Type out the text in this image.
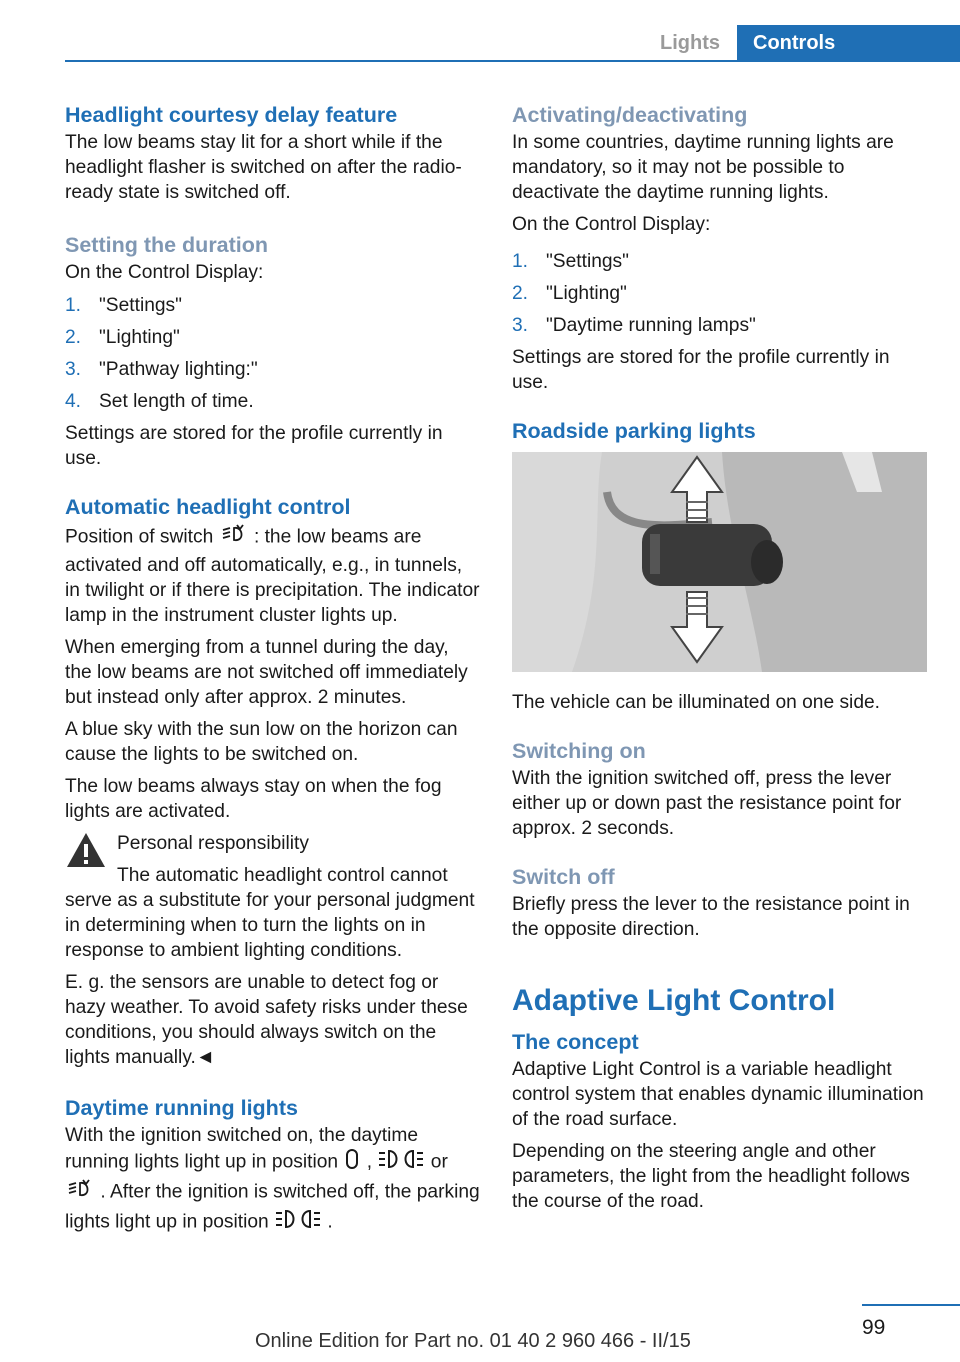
Lights	Controls
Headlight courtesy delay feature

The low beams stay lit for a short while if the headlight flasher is switched on after the radio-ready state is switched off.

Setting the duration

On the Control Display:

1. "Settings"
2. "Lighting"
3. "Pathway lighting:"
4. Set length of time.

Settings are stored for the profile currently in use.

Automatic headlight control

Position of switch : the low beams are activated and off automatically, e.g., in tunnels, in twilight or if there is precipitation. The indicator lamp in the instrument cluster lights up.

When emerging from a tunnel during the day, the low beams are not switched off immediately but instead only after approx. 2 minutes.

A blue sky with the sun low on the horizon can cause the lights to be switched on.

The low beams always stay on when the fog lights are activated.

Personal responsibility

The automatic headlight control cannot serve as a substitute for your personal judgment in determining when to turn the lights on in response to ambient lighting conditions.

E. g. the sensors are unable to detect fog or hazy weather. To avoid safety risks under these conditions, you should always switch on the lights manually.◄

Daytime running lights

With the ignition switched on, the daytime running lights light up in position ,	or
. After the ignition is switched off, the parking lights light up in position	.

Activating/deactivating

In some countries, daytime running lights are mandatory, so it may not be possible to deactivate the daytime running lights.

On the Control Display:

1. "Settings"
2. "Lighting"
3. "Daytime running lamps"

Settings are stored for the profile currently in use.

Roadside parking lights

The vehicle can be illuminated on one side.

Switching on

With the ignition switched off, press the lever either up or down past the resistance point for approx. 2 seconds.

Switch off

Briefly press the lever to the resistance point in the opposite direction.

Adaptive Light Control
The concept

Adaptive Light Control is a variable headlight control system that enables dynamic illumination of the road surface.

Depending on the steering angle and other parameters, the light from the headlight follows the course of the road.

99
Online Edition for Part no. 01 40 2 960 466 - II/15
